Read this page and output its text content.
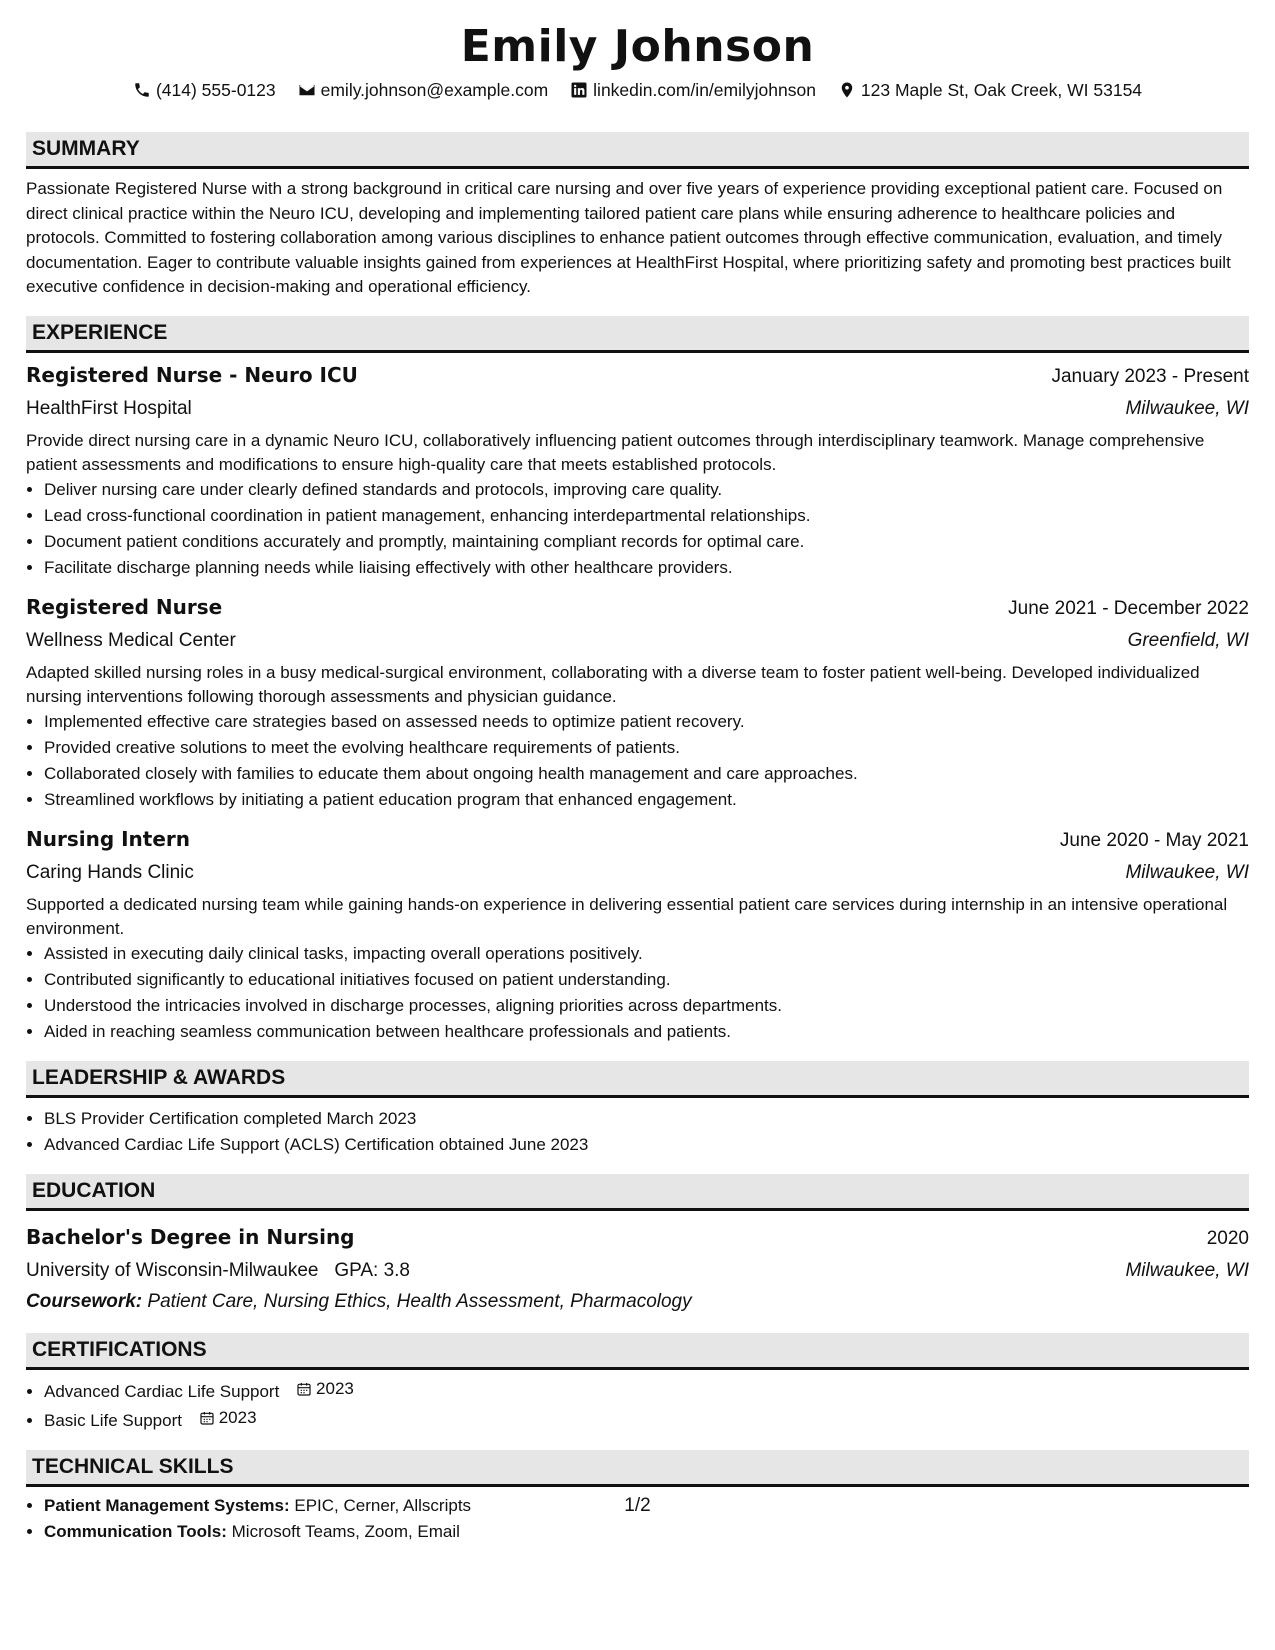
Emily Johnson
(414) 555-0123	emily.johnson@example.com	linkedin.com/in/emilyjohnson	123 Maple St, Oak Creek, WI 53154
SUMMARY

Passionate Registered Nurse with a strong background in critical care nursing and over five years of experience providing exceptional patient care. Focused on direct clinical practice within the Neuro ICU, developing and implementing tailored patient care plans while ensuring adherence to healthcare policies and protocols. Committed to fostering collaboration among various disciplines to enhance patient outcomes through effective communication, evaluation, and timely documentation. Eager to contribute valuable insights gained from experiences at HealthFirst Hospital, where prioritizing safety and promoting best practices built executive confidence in decision-making and operational efficiency.

EXPERIENCE
Registered Nurse - Neuro ICU	January 2023 - Present
HealthFirst Hospital	Milwaukee, WI

Provide direct nursing care in a dynamic Neuro ICU, collaboratively influencing patient outcomes through interdisciplinary teamwork. Manage comprehensive patient assessments and modifications to ensure high-quality care that meets established protocols.

• Deliver nursing care under clearly defined standards and protocols, improving care quality.
• Lead cross-functional coordination in patient management, enhancing interdepartmental relationships.
• Document patient conditions accurately and promptly, maintaining compliant records for optimal care.
• Facilitate discharge planning needs while liaising effectively with other healthcare providers.
Registered Nurse	June 2021 - December 2022
Wellness Medical Center	Greenfield, WI

Adapted skilled nursing roles in a busy medical-surgical environment, collaborating with a diverse team to foster patient well-being. Developed individualized nursing interventions following thorough assessments and physician guidance.

• Implemented effective care strategies based on assessed needs to optimize patient recovery.
• Provided creative solutions to meet the evolving healthcare requirements of patients.
• Collaborated closely with families to educate them about ongoing health management and care approaches.
• Streamlined workflows by initiating a patient education program that enhanced engagement.
Nursing Intern	June 2020 - May 2021
Caring Hands Clinic	Milwaukee, WI

Supported a dedicated nursing team while gaining hands-on experience in delivering essential patient care services during internship in an intensive operational environment.

• Assisted in executing daily clinical tasks, impacting overall operations positively.
• Contributed significantly to educational initiatives focused on patient understanding.
• Understood the intricacies involved in discharge processes, aligning priorities across departments.
• Aided in reaching seamless communication between healthcare professionals and patients.
LEADERSHIP & AWARDS
• BLS Provider Certification completed March 2023
• Advanced Cardiac Life Support (ACLS) Certification obtained June 2023
EDUCATION
Bachelor's Degree in Nursing	2020
University of Wisconsin-Milwaukee GPA: 3.8	Milwaukee, WI
Coursework: Patient Care, Nursing Ethics, Health Assessment, Pharmacology
CERTIFICATIONS
• Advanced Cardiac Life Support 2023
• Basic Life Support 2023
TECHNICAL SKILLS
• Patient Management Systems: EPIC, Cerner, Allscripts
• Communication Tools: Microsoft Teams, Zoom, Email
1/2
